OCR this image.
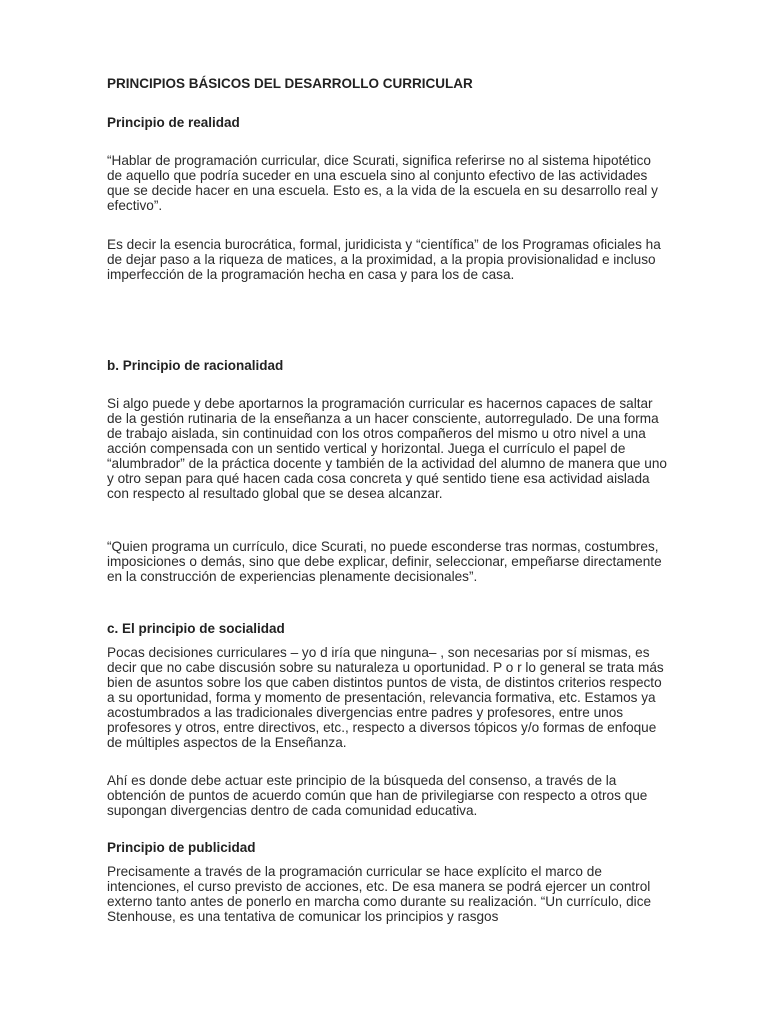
PRINCIPIOS BÁSICOS DEL DESARROLLO CURRICULAR
Principio de realidad

“Hablar de programación curricular, dice Scurati, significa referirse no al sistema hipotético de aquello que podría suceder en una escuela sino al conjunto efectivo de las actividades que se decide hacer en una escuela. Esto es, a la vida de la escuela en su desarrollo real y efectivo”.

Es decir la esencia burocrática, formal, juridicista y “científica” de los Programas oficiales ha de dejar paso a la riqueza de matices, a la proximidad, a la propia provisionalidad e incluso imperfección de la programación hecha en casa y para los de casa.

b. Principio de racionalidad

Si algo puede y debe aportarnos la programación curricular es hacernos capaces de saltar de la gestión rutinaria de la enseñanza a un hacer consciente, autorregulado. De una forma de trabajo aislada, sin continuidad con los otros compañeros del mismo u otro nivel a una acción compensada con un sentido vertical y horizontal. Juega el currículo el papel de “alumbrador” de la práctica docente y también de la actividad del alumno de manera que uno y otro sepan para qué hacen cada cosa concreta y qué sentido tiene esa actividad aislada con respecto al resultado global que se desea alcanzar.

“Quien programa un currículo, dice Scurati, no puede esconderse tras normas, costumbres, imposiciones o demás, sino que debe explicar, definir, seleccionar, empeñarse directamente en la construcción de experiencias plenamente decisionales”.

c. El principio de socialidad

Pocas decisiones curriculares – yo d iría que ninguna– , son necesarias por sí mismas, es decir que no cabe discusión sobre su naturaleza u oportunidad. P o r lo general se trata más bien de asuntos sobre los que caben distintos puntos de vista, de distintos criterios respecto a su oportunidad, forma y momento de presentación, relevancia formativa, etc. Estamos ya acostumbrados a las tradicionales divergencias entre padres y profesores, entre unos profesores y otros, entre directivos, etc., respecto a diversos tópicos y/o formas de enfoque de múltiples aspectos de la Enseñanza.

Ahí es donde debe actuar este principio de la búsqueda del consenso, a través de la obtención de puntos de acuerdo común que han de privilegiarse con respecto a otros que supongan divergencias dentro de cada comunidad educativa.

Principio de publicidad

Precisamente a través de la programación curricular se hace explícito el marco de intenciones, el curso previsto de acciones, etc. De esa manera se podrá ejercer un control externo tanto antes de ponerlo en marcha como durante su realización. “Un currículo, dice Stenhouse, es una tentativa de comunicar los principios y rasgos
